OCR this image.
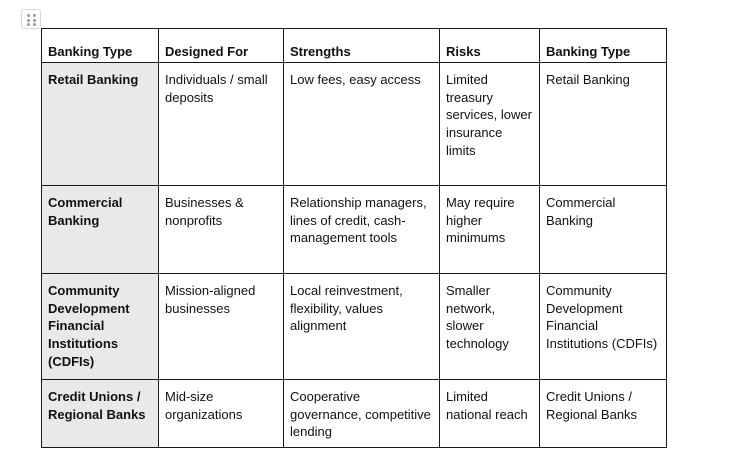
Banking Type	Designed For	Strengths	Risks	Banking Type
Retail Banking	Individuals / small deposits	Low fees, easy access	Limited treasury services, lower insurance limits	Retail Banking
Commercial Banking	Businesses & nonprofits	Relationship managers, lines of credit, cash-management tools	May require higher minimums	Commercial Banking
Community Development Financial Institutions (CDFIs)	Mission-aligned businesses	Local reinvestment, flexibility, values alignment	Smaller network, slower technology	Community Development Financial Institutions (CDFIs)
Credit Unions / Regional Banks	Mid-size organizations	Cooperative governance, competitive lending	Limited national reach	Credit Unions / Regional Banks
